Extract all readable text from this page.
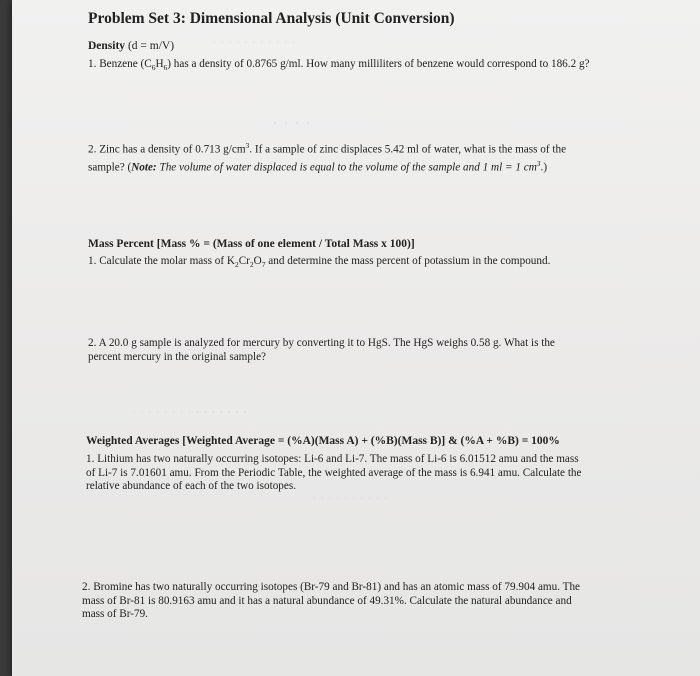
· · · · · · · · · · ·
· · · ·
· · · · · · · · · · · · · · ·
· · · · · · · · · ·
Problem Set 3: Dimensional Analysis (Unit Conversion)
Density (d = m/V)

1. Benzene $(C_6H_6)$ has a density of 0.8765 g/ml. How many milliliters of benzene would correspond to 186.2 g?

2. Zinc has a density of 0.713 $g/cm^3$. If a sample of zinc displaces 5.42 ml of water, what is the mass of the
sample? (Note: The volume of water displaced is equal to the volume of the sample and 1 ml = 1 $cm^3$.)

Mass Percent [Mass % = (Mass of one element / Total Mass x 100)]

1. Calculate the molar mass of $K_2Cr_2O_7$ and determine the mass percent of potassium in the compound.

2. A 20.0 g sample is analyzed for mercury by converting it to HgS. The HgS weighs 0.58 g. What is the
percent mercury in the original sample?

Weighted Averages [Weighted Average = (%A)(Mass A) + (%B)(Mass B)] & (%A + %B) = 100%

1. Lithium has two naturally occurring isotopes: Li-6 and Li-7. The mass of Li-6 is 6.01512 amu and the mass
of Li-7 is 7.01601 amu. From the Periodic Table, the weighted average of the mass is 6.941 amu. Calculate the
relative abundance of each of the two isotopes.

2. Bromine has two naturally occurring isotopes (Br-79 and Br-81) and has an atomic mass of 79.904 amu. The
mass of Br-81 is 80.9163 amu and it has a natural abundance of 49.31%. Calculate the natural abundance and
mass of Br-79.
